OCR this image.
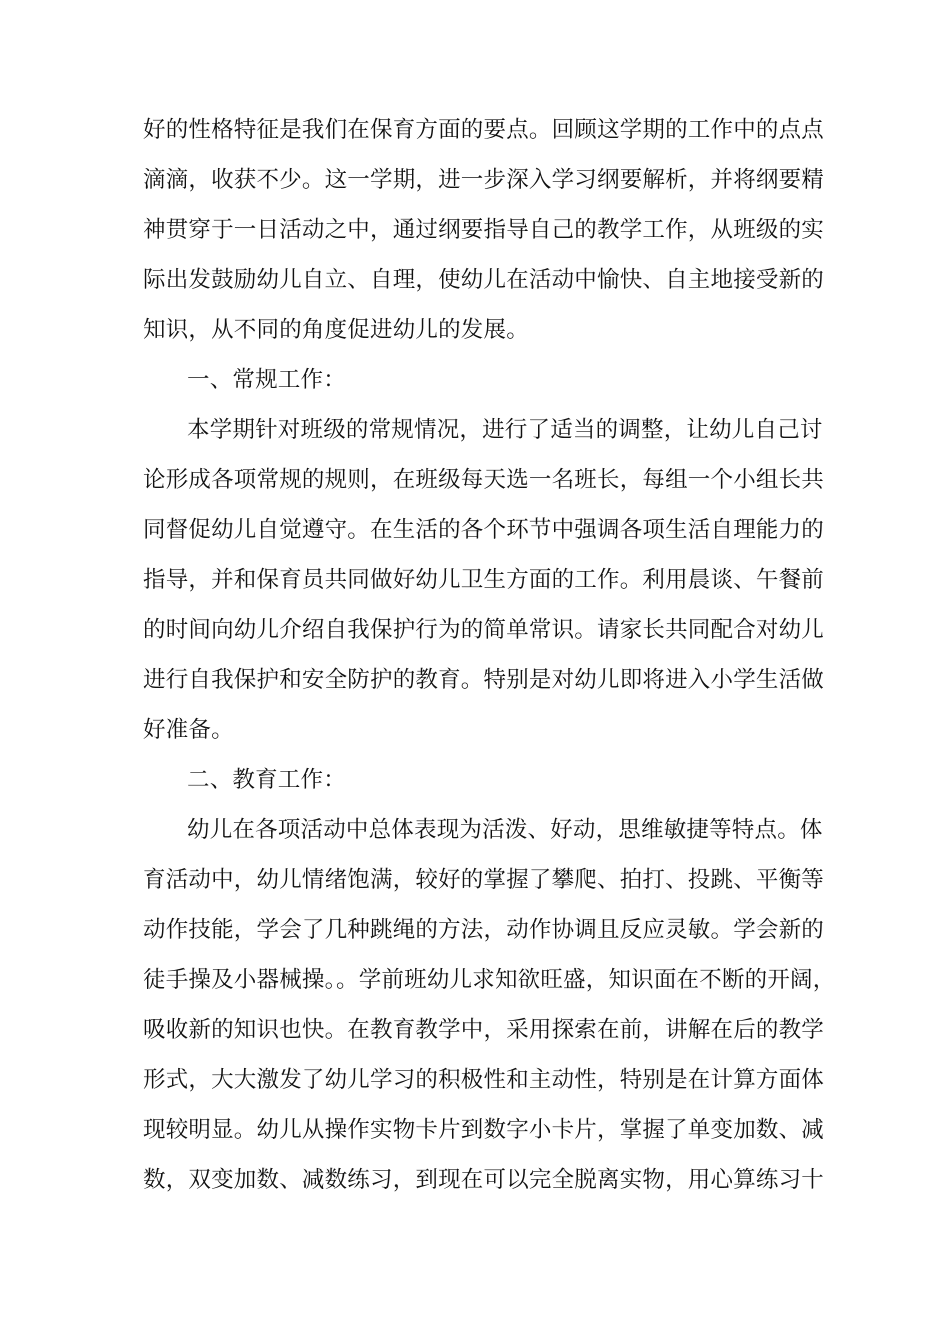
好的性格特征是我们在保育方面的要点。回顾这学期的工作中的点点
滴滴，收获不少。这一学期，进一步深入学习纲要解析，并将纲要精
神贯穿于一日活动之中，通过纲要指导自己的教学工作，从班级的实
际出发鼓励幼儿自立、自理，使幼儿在活动中愉快、自主地接受新的
知识，从不同的角度促进幼儿的发展。
一、常规工作：
本学期针对班级的常规情况，进行了适当的调整，让幼儿自己讨
论形成各项常规的规则，在班级每天选一名班长，每组一个小组长共
同督促幼儿自觉遵守。在生活的各个环节中强调各项生活自理能力的
指导，并和保育员共同做好幼儿卫生方面的工作。利用晨谈、午餐前
的时间向幼儿介绍自我保护行为的简单常识。请家长共同配合对幼儿
进行自我保护和安全防护的教育。特别是对幼儿即将进入小学生活做
好准备。
二、教育工作：
幼儿在各项活动中总体表现为活泼、好动，思维敏捷等特点。体
育活动中，幼儿情绪饱满，较好的掌握了攀爬、拍打、投跳、平衡等
动作技能，学会了几种跳绳的方法，动作协调且反应灵敏。学会新的
徒手操及小器械操。。学前班幼儿求知欲旺盛，知识面在不断的开阔，
吸收新的知识也快。在教育教学中，采用探索在前，讲解在后的教学
形式，大大激发了幼儿学习的积极性和主动性，特别是在计算方面体
现较明显。幼儿从操作实物卡片到数字小卡片，掌握了单变加数、减
数，双变加数、减数练习，到现在可以完全脱离实物，用心算练习十
